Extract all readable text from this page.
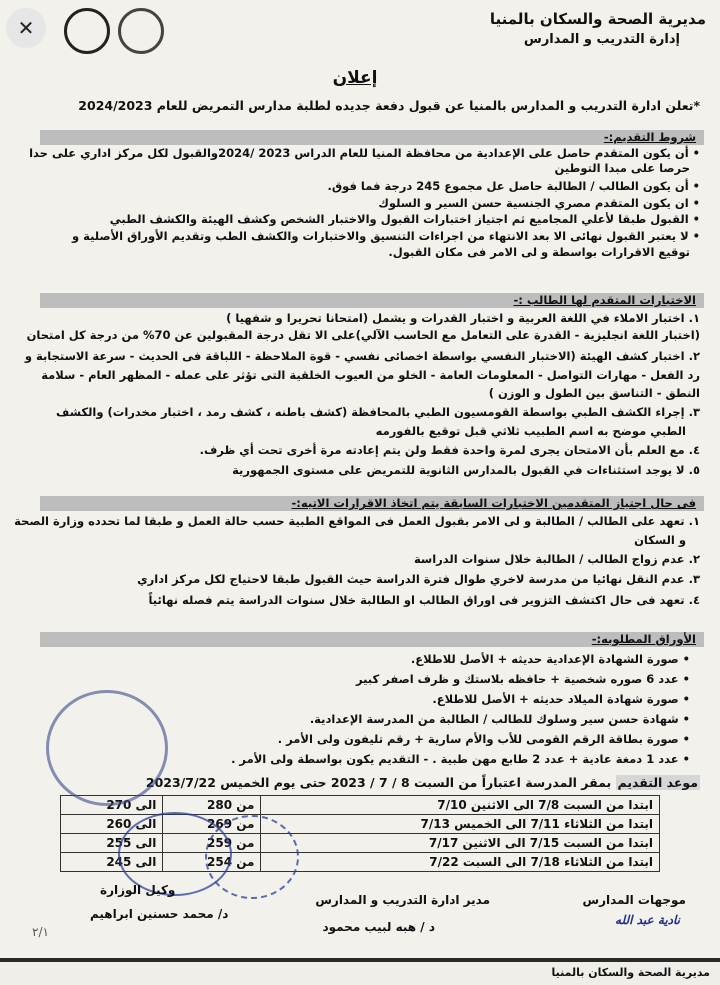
✕	مديرية الصحة والسكان بالمنيا
إدارة التدريب و المدارس
إعلان
*تعلن ادارة التدريب و المدارس بالمنيا عن قبول دفعة جديده لطلبة مدارس التمريض للعام 2024/2023
شروط التقديم:-
• أن يكون المتقدم حاصل على الإعدادية من محافظة المنيا للعام الدراس 2023 /2024والقبول لكل مركز اداري على حدا
حرصا على مبدا التوطين
• أن يكون الطالب / الطالبة حاصل عل مجموع 245 درجة فما فوق.
• ان يكون المتقدم مصري الجنسية حسن السير و السلوك
• القبول طبقا لأعلي المجاميع ثم اجتياز اختبارات القبول والاختبار الشخص وكشف الهيئة والكشف الطبي
• لا يعتبر القبول نهائى الا بعد الانتهاء من اجراءات التنسيق والاختبارات والكشف الطب وتقديم الأوراق الأصلية و
توقيع الاقرارات بواسطة و لى الامر فى مكان القبول.
الاختبارات المتقدم لها الطالب :-
١. اختبار الاملاء في اللغة العربية و اختبار القدرات و يشمل (امتحانا تحريرا و شفهيا )
(اختبار اللغة انجليزية - القدرة على التعامل مع الحاسب الآلي)على الا تقل درجة المقبولين عن 70% من درجة كل امتحان
٢. اختبار كشف الهيئة (الاختبار النفسي بواسطة اخصائى نفسي - قوة الملاحظة - اللباقة فى الحديث - سرعة الاستجابة و
رد الفعل - مهارات التواصل - المعلومات العامة - الخلو من العيوب الخلقية التى تؤثر على عمله - المظهر العام - سلامة
النطق - التناسق بين الطول و الوزن )
٣. إجراء الكشف الطبي بواسطة القومسيون الطبي بالمحافظة (كشف باطنه ، كشف رمد ، اختبار مخدرات) والكشف
الطبي موضح به اسم الطبيب ثلاثي قبل توقيع بالفورمه
٤. مع العلم بأن الامتحان يجرى لمرة واحدة فقط ولن يتم إعادته مرة أخرى تحت أي ظرف.
٥. لا يوجد استثناءات في القبول بالمدارس الثانوية للتمريض على مستوى الجمهورية
فى حال اجتياز المتقدمين الاختبارات السابقة يتم اتخاذ الاقرارات الاتيه:-
١. تعهد على الطالب / الطالبة و لى الامر بقبول العمل فى المواقع الطبية حسب حالة العمل و طبقا لما تحدده وزارة الصحة
و السكان
٢. عدم زواج الطالب / الطالبة خلال سنوات الدراسة
٣. عدم النقل نهائيا من مدرسة لاخري طوال فترة الدراسة حيث القبول طبقا لاحتياج لكل مركز اداري
٤. تعهد فى حال اكتشف التزوير فى اوراق الطالب او الطالبة خلال سنوات الدراسة يتم فصله نهائياً
الأوراق المطلوبه:-
• صورة الشهادة الإعدادية حديثه + الأصل للاطلاع.
• عدد 6 صوره شخصية + حافظه بلاستك و ظرف اصفر كبير
• صورة شهادة الميلاد حديثه + الأصل للاطلاع.
• شهادة حسن سير وسلوك للطالب / الطالبة من المدرسة الإعدادية.
• صورة بطاقة الرقم القومى للأب والأم سارية + رقم تليفون ولى الأمر .
• عدد 1 دمغة عادية + عدد 2 طابع مهن طبية . - التقديم يكون بواسطة ولى الأمر .
موعد التقديم بمقر المدرسة اعتباراً من السبت 8 / 7 / 2023 حتى يوم الخميس 2023/7/22
ابتدا من السبت 7/8 الى الاثنين 7/10	من 280	الى 270
ابتدا من الثلاثاء 7/11 الى الخميس 7/13	من 269	الى 260
ابتدا من السبت 7/15 الى الاثنين 7/17	من 259	الى 255
ابتدا من الثلاثاء 7/18 الى السبت 7/22	من 254	الى 245
موجهات المدارس
نادية عبد الله
مدير ادارة التدريب و المدارس
د / هبه لبيب محمود
وكيل الوزارة
د/ محمد حسنين ابراهيم
٢/١
مديرية الصحة والسكان بالمنيا
